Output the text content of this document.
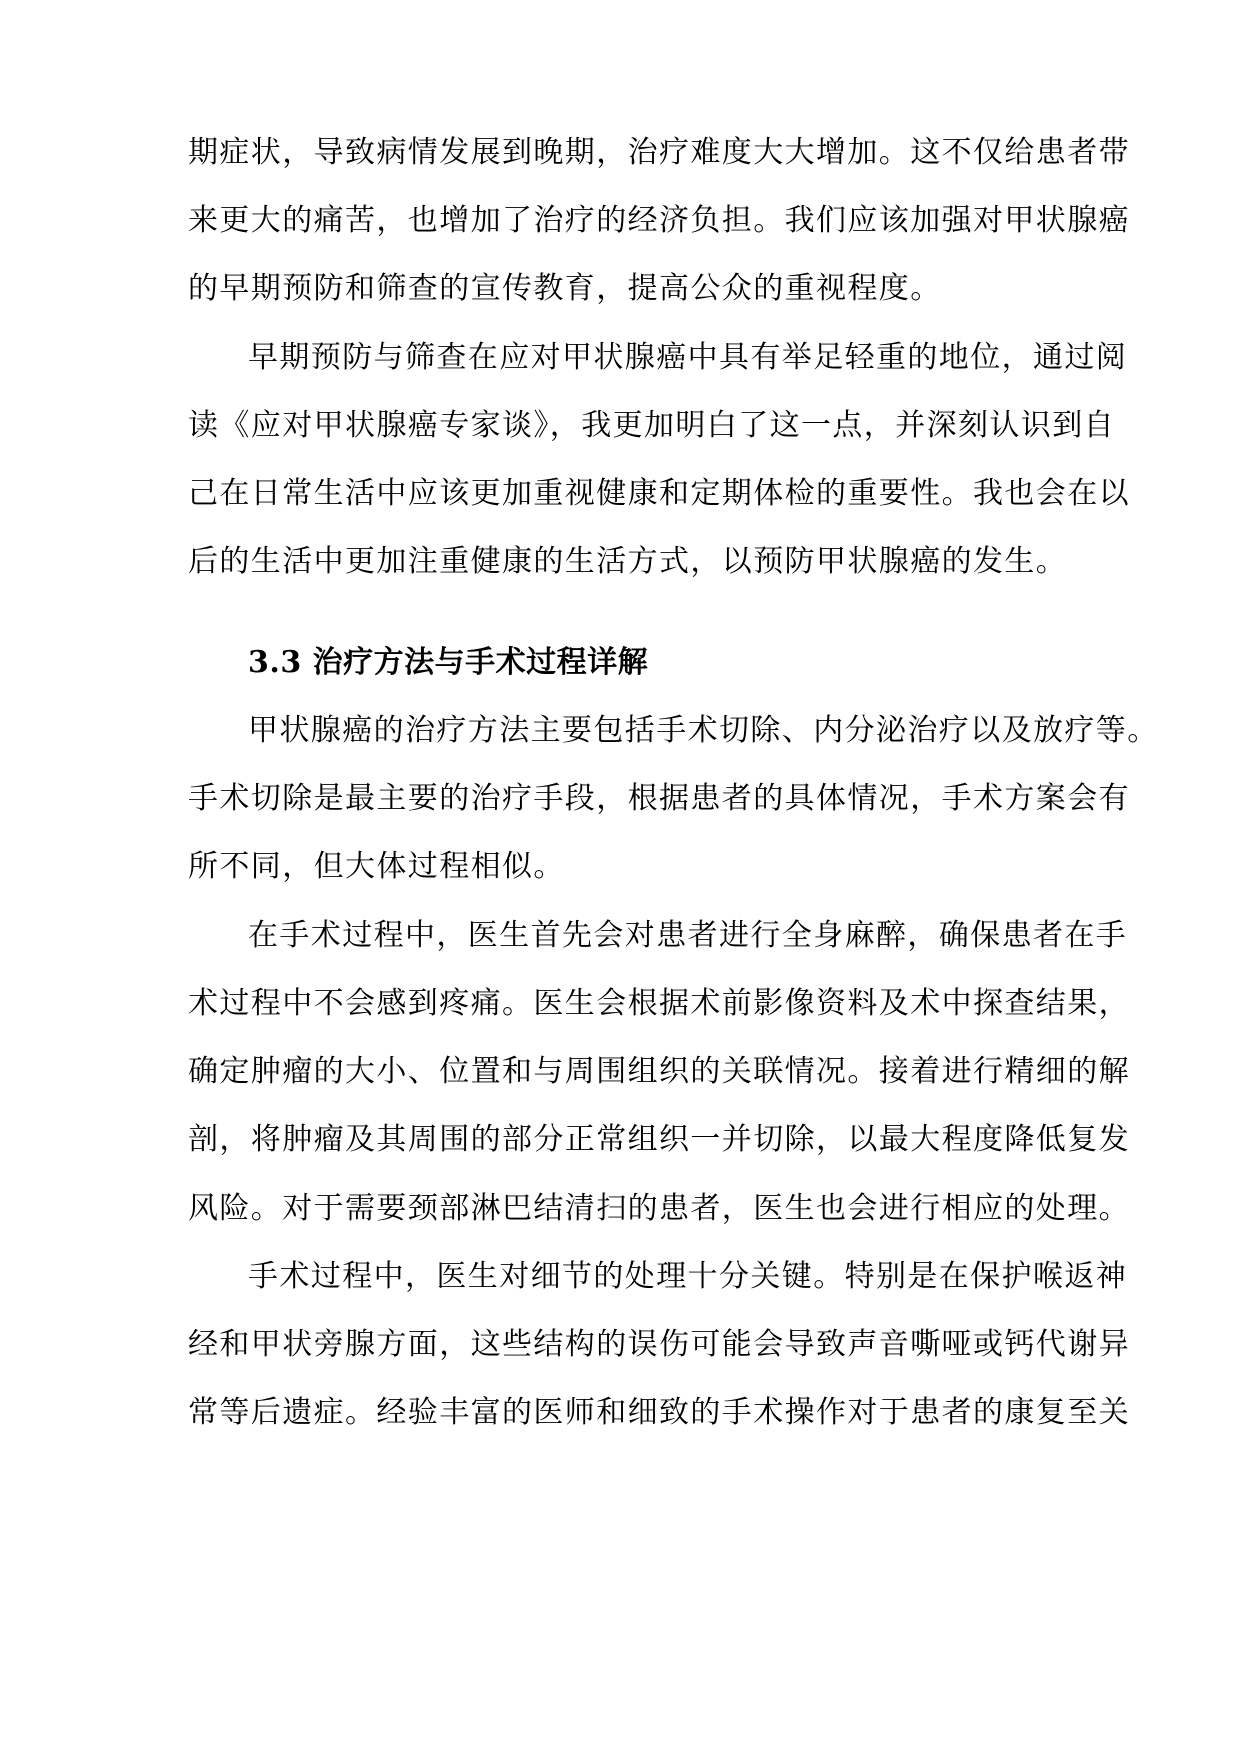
期症状，导致病情发展到晚期，治疗难度大大增加。这不仅给患者带
来更大的痛苦，也增加了治疗的经济负担。我们应该加强对甲状腺癌
的早期预防和筛查的宣传教育，提高公众的重视程度。
早期预防与筛查在应对甲状腺癌中具有举足轻重的地位，通过阅
读《应对甲状腺癌专家谈》，我更加明白了这一点，并深刻认识到自
己在日常生活中应该更加重视健康和定期体检的重要性。我也会在以
后的生活中更加注重健康的生活方式，以预防甲状腺癌的发生。
3.3 治疗方法与手术过程详解
甲状腺癌的治疗方法主要包括手术切除、内分泌治疗以及放疗等。
手术切除是最主要的治疗手段，根据患者的具体情况，手术方案会有
所不同，但大体过程相似。
在手术过程中，医生首先会对患者进行全身麻醉，确保患者在手
术过程中不会感到疼痛。医生会根据术前影像资料及术中探查结果，
确定肿瘤的大小、位置和与周围组织的关联情况。接着进行精细的解
剖，将肿瘤及其周围的部分正常组织一并切除，以最大程度降低复发
风险。对于需要颈部淋巴结清扫的患者，医生也会进行相应的处理。
手术过程中，医生对细节的处理十分关键。特别是在保护喉返神
经和甲状旁腺方面，这些结构的误伤可能会导致声音嘶哑或钙代谢异
常等后遗症。经验丰富的医师和细致的手术操作对于患者的康复至关
